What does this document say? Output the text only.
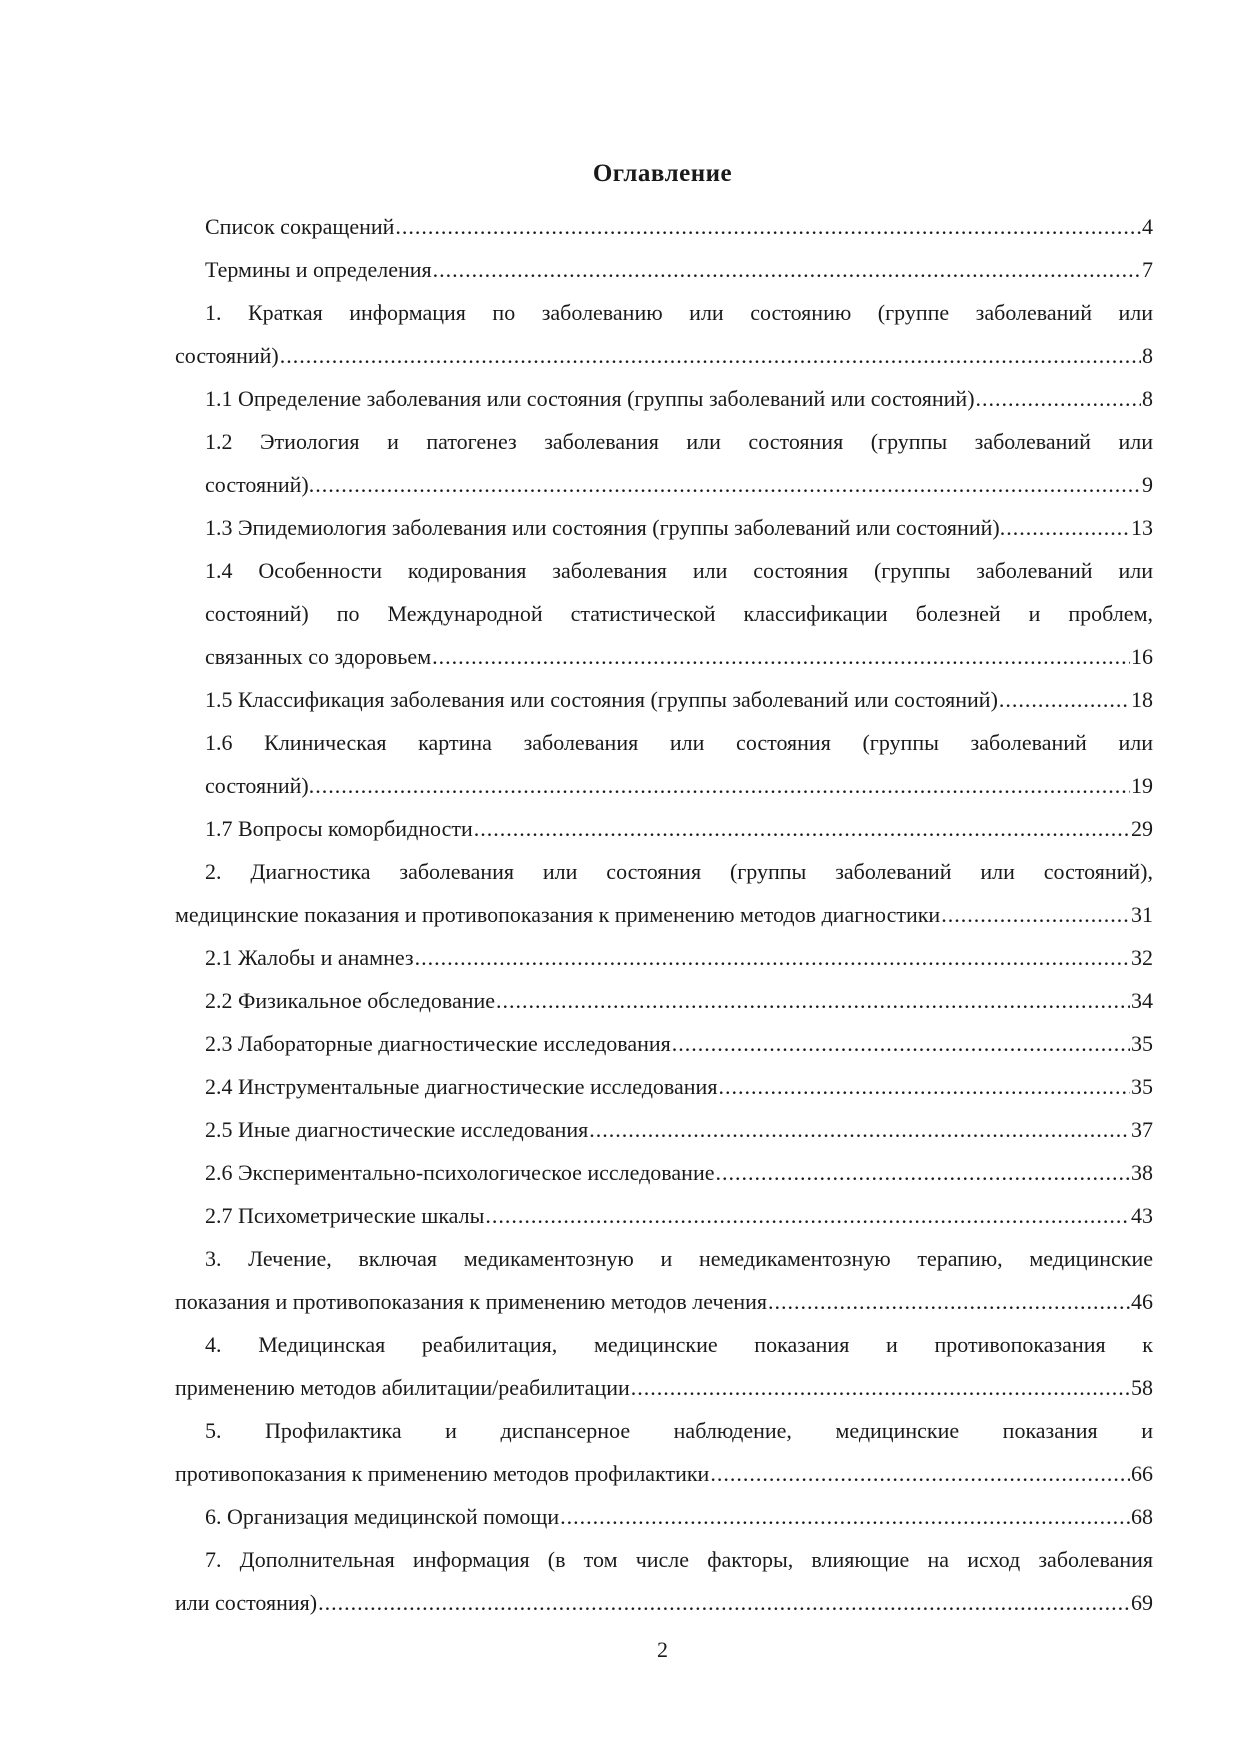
Оглавление
Список сокращений .....	4
Термины и определения .....	7
1. Краткая информация по заболеванию или состоянию (группе заболеваний или
состояний) .....	8
1.1 Определение заболевания или состояния (группы заболеваний или состояний) .....	8
1.2 Этиология и патогенез заболевания или состояния (группы заболеваний или
состояний). .....	9
1.3 Эпидемиология заболевания или состояния (группы заболеваний или состояний). .....	13
1.4 Особенности кодирования заболевания или состояния (группы заболеваний или
состояний) по Международной статистической классификации болезней и проблем,
связанных со здоровьем .....	16
1.5 Классификация заболевания или состояния (группы заболеваний или состояний) .....	18
1.6 Клиническая картина заболевания или состояния (группы заболеваний или
состояний). .....	19
1.7 Вопросы коморбидности .....	29
2. Диагностика заболевания или состояния (группы заболеваний или состояний),
медицинские показания и противопоказания к применению методов диагностики .....	31
2.1 Жалобы и анамнез .....	32
2.2 Физикальное обследование .....	34
2.3 Лабораторные диагностические исследования .....	35
2.4 Инструментальные диагностические исследования .....	35
2.5 Иные диагностические исследования .....	37
2.6 Экспериментально-психологическое исследование .....	38
2.7 Психометрические шкалы .....	43
3. Лечение, включая медикаментозную и немедикаментозную терапию, медицинские
показания и противопоказания к применению методов лечения .....	46
4. Медицинская реабилитация, медицинские показания и противопоказания к
применению методов абилитации/реабилитации .....	58
5. Профилактика и диспансерное наблюдение, медицинские показания и
противопоказания к применению методов профилактики .....	66
6. Организация медицинской помощи .....	68
7. Дополнительная информация (в том числе факторы, влияющие на исход заболевания
или состояния) .....	69
2
